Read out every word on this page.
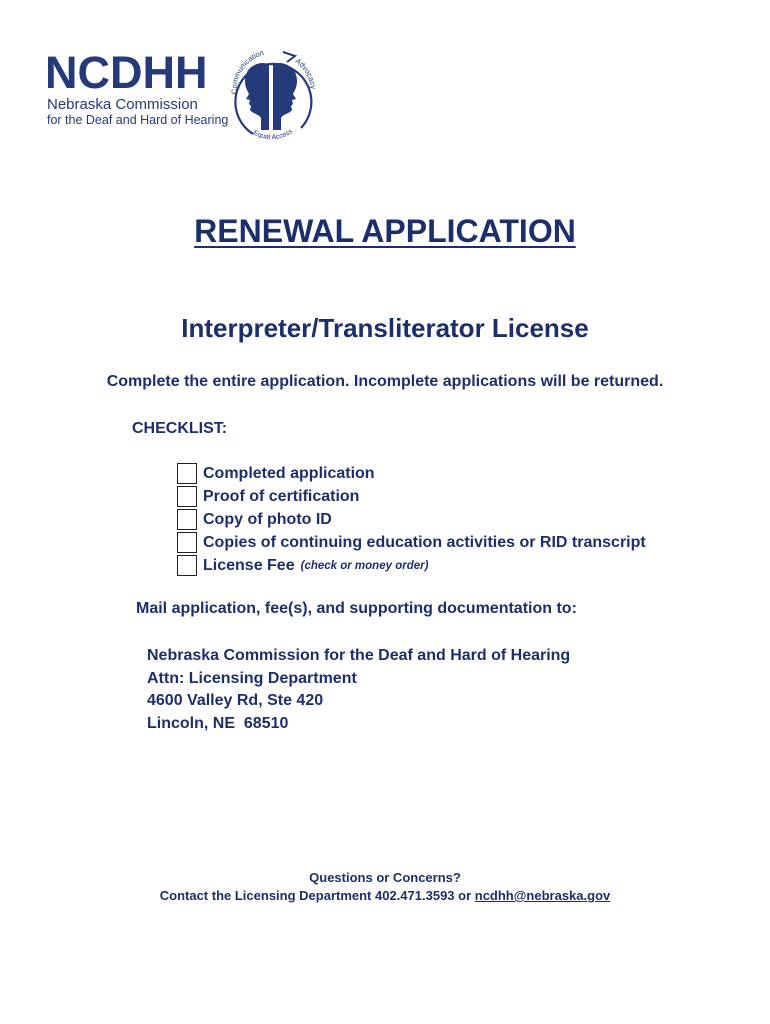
NCDHH
Nebraska Commission
for the Deaf and Hard of Hearing
Communication
Advocacy
Equal Access
RENEWAL APPLICATION
Interpreter/Transliterator License
Complete the entire application. Incomplete applications will be returned.
CHECKLIST:
Completed application
Proof of certification
Copy of photo ID
Copies of continuing education activities or RID transcript
License Fee (check or money order)
Mail application, fee(s), and supporting documentation to:
Nebraska Commission for the Deaf and Hard of Hearing
Attn: Licensing Department
4600 Valley Rd, Ste 420
Lincoln, NE  68510
Questions or Concerns?
Contact the Licensing Department 402.471.3593 or ncdhh@nebraska.gov
